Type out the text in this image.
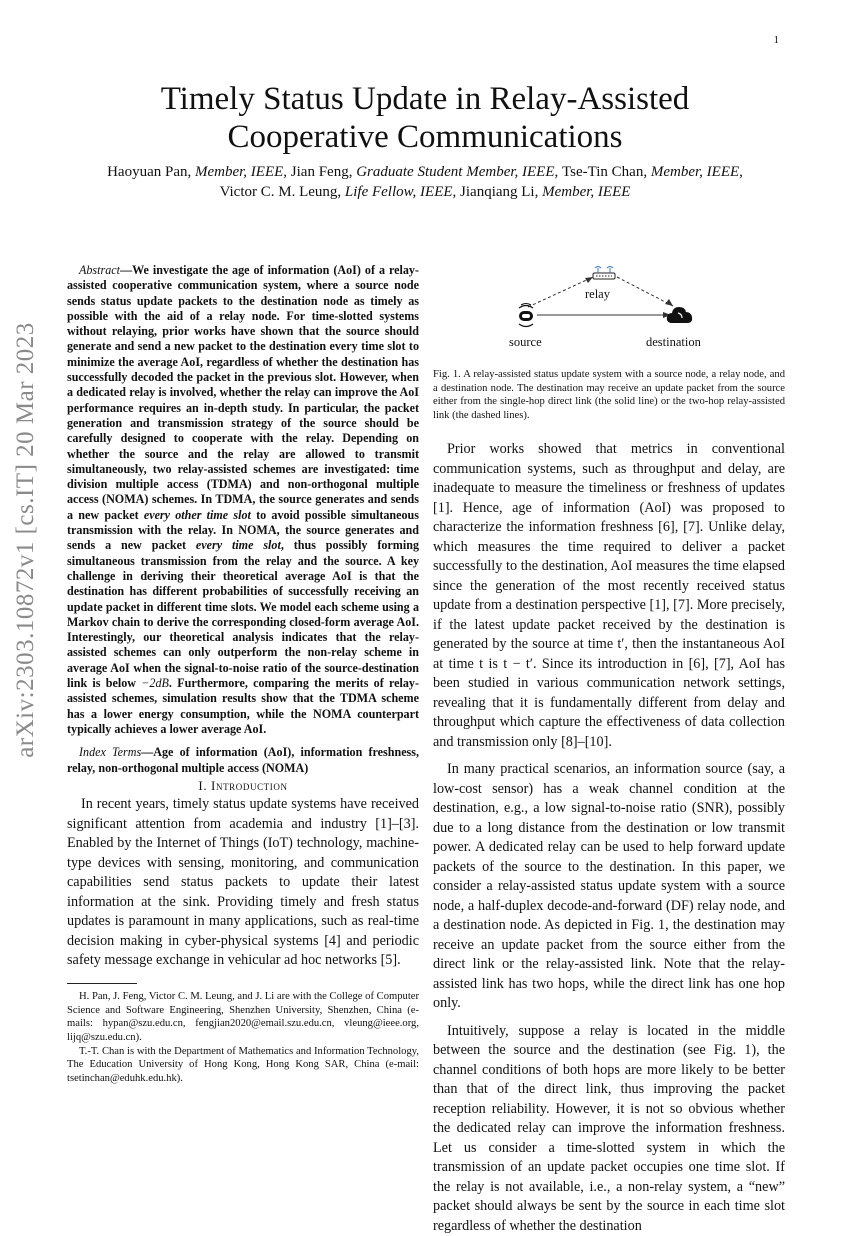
1
arXiv:2303.10872v1 [cs.IT] 20 Mar 2023
Timely Status Update in Relay-Assisted
Cooperative Communications
Haoyuan Pan, Member, IEEE, Jian Feng, Graduate Student Member, IEEE, Tse-Tin Chan, Member, IEEE,
Victor C. M. Leung, Life Fellow, IEEE, Jianqiang Li, Member, IEEE

Abstract—We investigate the age of information (AoI) of a relay-assisted cooperative communication system, where a source node sends status update packets to the destination node as timely as possible with the aid of a relay node. For time-slotted systems without relaying, prior works have shown that the source should generate and send a new packet to the destination every time slot to minimize the average AoI, regardless of whether the destination has successfully decoded the packet in the previous slot. However, when a dedicated relay is involved, whether the relay can improve the AoI performance requires an in-depth study. In particular, the packet generation and transmission strategy of the source should be carefully designed to cooperate with the relay. Depending on whether the source and the relay are allowed to transmit simultaneously, two relay-assisted schemes are investigated: time division multiple access (TDMA) and non-orthogonal multiple access (NOMA) schemes. In TDMA, the source generates and sends a new packet every other time slot to avoid possible simultaneous transmission with the relay. In NOMA, the source generates and sends a new packet every time slot, thus possibly forming simultaneous transmission from the relay and the source. A key challenge in deriving their theoretical average AoI is that the destination has different probabilities of successfully receiving an update packet in different time slots. We model each scheme using a Markov chain to derive the corresponding closed-form average AoI. Interestingly, our theoretical analysis indicates that the relay-assisted schemes can only outperform the non-relay scheme in average AoI when the signal-to-noise ratio of the source-destination link is below −2dB. Furthermore, comparing the merits of relay-assisted schemes, simulation results show that the TDMA scheme has a lower energy consumption, while the NOMA counterpart typically achieves a lower average AoI.

Index Terms—Age of information (AoI), information freshness, relay, non-orthogonal multiple access (NOMA)

I. Introduction

In recent years, timely status update systems have received significant attention from academia and industry [1]–[3]. Enabled by the Internet of Things (IoT) technology, machine-type devices with sensing, monitoring, and communication capabilities send status packets to update their latest information at the sink. Providing timely and fresh status updates is paramount in many applications, such as real-time decision making in cyber-physical systems [4] and periodic safety message exchange in vehicular ad hoc networks [5].

H. Pan, J. Feng, Victor C. M. Leung, and J. Li are with the College of Computer Science and Software Engineering, Shenzhen University, Shenzhen, China (e-mails: hypan@szu.edu.cn, fengjian2020@email.szu.edu.cn, vleung@ieee.org, lijq@szu.edu.cn).

T.-T. Chan is with the Department of Mathematics and Information Technology, The Education University of Hong Kong, Hong Kong SAR, China (e-mail: tsetinchan@eduhk.edu.hk).

relay
source	destination

Fig. 1. A relay-assisted status update system with a source node, a relay node, and a destination node. The destination may receive an update packet from the source either from the single-hop direct link (the solid line) or the two-hop relay-assisted link (the dashed lines).

Prior works showed that metrics in conventional communication systems, such as throughput and delay, are inadequate to measure the timeliness or freshness of updates [1]. Hence, age of information (AoI) was proposed to characterize the information freshness [6], [7]. Unlike delay, which measures the time required to deliver a packet successfully to the destination, AoI measures the time elapsed since the generation of the most recently received status update from a destination perspective [1], [7]. More precisely, if the latest update packet received by the destination is generated by the source at time t′, then the instantaneous AoI at time t is t − t′. Since its introduction in [6], [7], AoI has been studied in various communication network settings, revealing that it is fundamentally different from delay and throughput which capture the effectiveness of data collection and transmission only [8]–[10].

In many practical scenarios, an information source (say, a low-cost sensor) has a weak channel condition at the destination, e.g., a low signal-to-noise ratio (SNR), possibly due to a long distance from the destination or low transmit power. A dedicated relay can be used to help forward update packets of the source to the destination. In this paper, we consider a relay-assisted status update system with a source node, a half-duplex decode-and-forward (DF) relay node, and a destination node. As depicted in Fig. 1, the destination may receive an update packet from the source either from the direct link or the relay-assisted link. Note that the relay-assisted link has two hops, while the direct link has one hop only.

Intuitively, suppose a relay is located in the middle between the source and the destination (see Fig. 1), the channel conditions of both hops are more likely to be better than that of the direct link, thus improving the packet reception reliability. However, it is not so obvious whether the dedicated relay can improve the information freshness. Let us consider a time-slotted system in which the transmission of an update packet occupies one time slot. If the relay is not available, i.e., a non-relay system, a “new” packet should always be sent by the source in each time slot regardless of whether the destination
